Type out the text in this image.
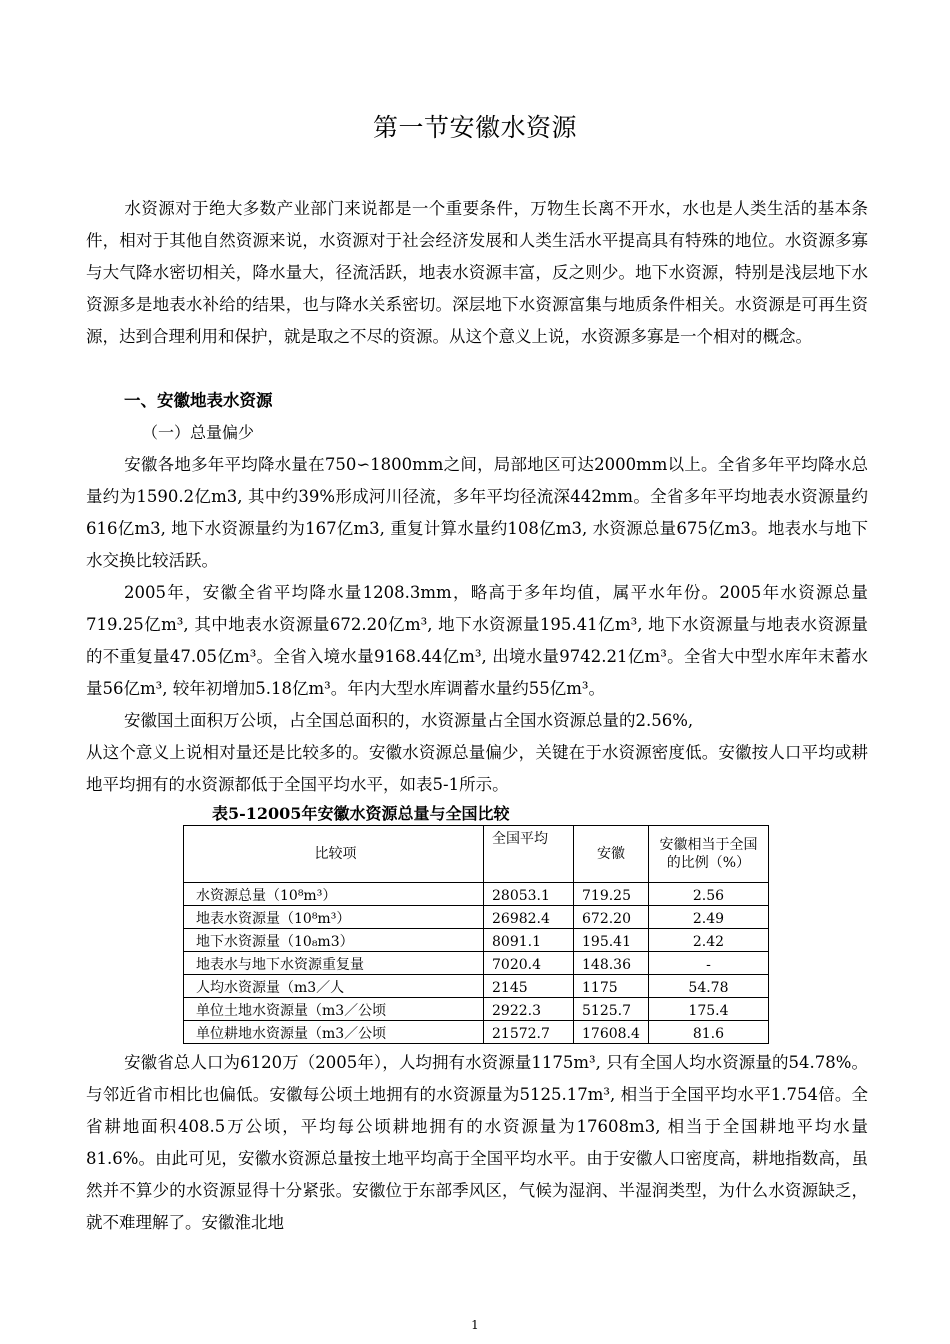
第一节安徽水资源

水资源对于绝大多数产业部门来说都是一个重要条件，万物生长离不开水，水也是人类生活的基本条件，相对于其他自然资源来说，水资源对于社会经济发展和人类生活水平提高具有特殊的地位。水资源多寡与大气降水密切相关，降水量大，径流活跃，地表水资源丰富，反之则少。地下水资源，特别是浅层地下水资源多是地表水补给的结果，也与降水关系密切。深层地下水资源富集与地质条件相关。水资源是可再生资源，达到合理利用和保护，就是取之不尽的资源。从这个意义上说，水资源多寡是一个相对的概念。

一、安徽地表水资源
（一）总量偏少

安徽各地多年平均降水量在750∽1800mm之间，局部地区可达2000mm以上。全省多年平均降水总量约为1590.2亿m3, 其中约39%形成河川径流，多年平均径流深442mm。全省多年平均地表水资源量约616亿m3, 地下水资源量约为167亿m3, 重复计算水量约108亿m3, 水资源总量675亿m3。地表水与地下水交换比较活跃。

2005年，安徽全省平均降水量1208.3mm，略高于多年均值，属平水年份。2005年水资源总量719.25亿m³, 其中地表水资源量672.20亿m³, 地下水资源量195.41亿m³, 地下水资源量与地表水资源量的不重复量47.05亿m³。全省入境水量9168.44亿m³, 出境水量9742.21亿m³。全省大中型水库年末蓄水量56亿m³, 较年初增加5.18亿m³。年内大型水库调蓄水量约55亿m³。

安徽国土面积万公顷，占全国总面积的，水资源量占全国水资源总量的2.56%,

从这个意义上说相对量还是比较多的。安徽水资源总量偏少，关键在于水资源密度低。安徽按人口平均或耕地平均拥有的水资源都低于全国平均水平，如表5-1所示。

表5-12005年安徽水资源总量与全国比较
比较项	全国平均	安徽	安徽相当于全国的比例（%）
水资源总量（10⁸m³）	28053.1	719.25	2.56
地表水资源量（10⁸m³）	26982.4	672.20	2.49
地下水资源量（10₈m3）	8091.1	195.41	2.42
地表水与地下水资源重复量	7020.4	148.36	-
人均水资源量（m3／人	2145	1175	54.78
单位土地水资源量（m3／公顷	2922.3	5125.7	175.4
单位耕地水资源量（m3／公顷	21572.7	17608.4	81.6

安徽省总人口为6120万（2005年），人均拥有水资源量1175m³, 只有全国人均水资源量的54.78%。与邻近省市相比也偏低。安徽每公顷土地拥有的水资源量为5125.17m³, 相当于全国平均水平1.754倍。全省耕地面积408.5万公顷，平均每公顷耕地拥有的水资源量为17608m3, 相当于全国耕地平均水量81.6%。由此可见，安徽水资源总量按土地平均高于全国平均水平。由于安徽人口密度高，耕地指数高，虽然并不算少的水资源显得十分紧张。安徽位于东部季风区，气候为湿润、半湿润类型，为什么水资源缺乏，就不难理解了。安徽淮北地

1
